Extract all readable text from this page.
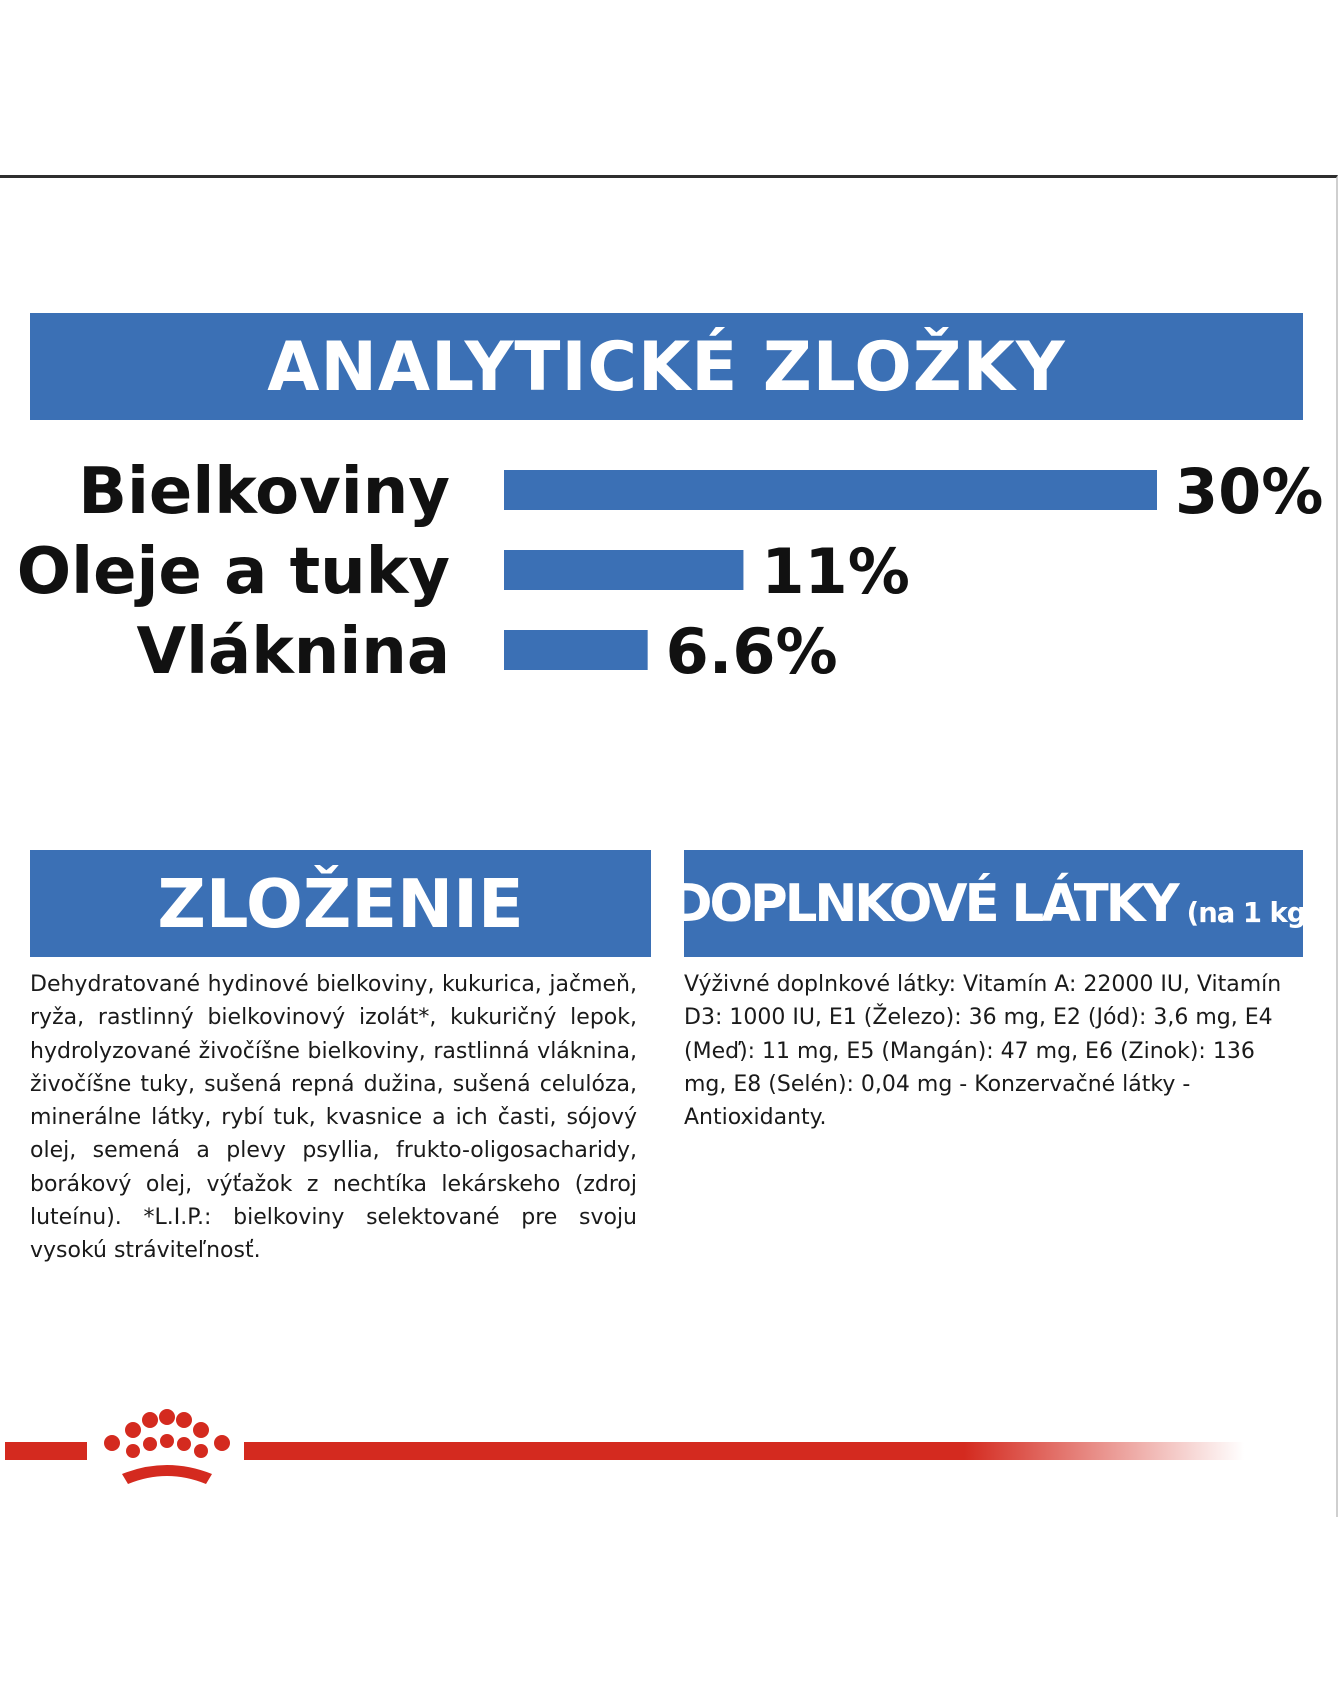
ANALYTICKÉ ZLOŽKY
Bielkoviny	30%
Oleje a tuky	11%
Vláknina	6.6%
ZLOŽENIE
Dehydratované hydinové bielkoviny, kukurica, jačmeň, ryža, rastlinný bielkovinový izolát*, kukuričný lepok, hydrolyzované živočíšne bielkoviny, rastlinná vláknina, živočíšne tuky, sušená repná dužina, sušená celulóza, minerálne látky, rybí tuk, kvasnice a ich časti, sójový olej, semená a plevy psyllia, frukto-oligosacharidy, borákový olej, výťažok z nechtíka lekárskeho (zdroj luteínu). *L.I.P.: bielkoviny selektované pre svoju vysokú stráviteľnosť.
DOPLNKOVÉ LÁTKY (na 1 kg)
Výživné doplnkové látky: Vitamín A: 22000 IU, Vitamín D3: 1000 IU, E1 (Železo): 36 mg, E2 (Jód): 3,6 mg, E4 (Meď): 11 mg, E5 (Mangán): 47 mg, E6 (Zinok): 136 mg, E8 (Selén): 0,04 mg - Konzervačné látky - Antioxidanty.
